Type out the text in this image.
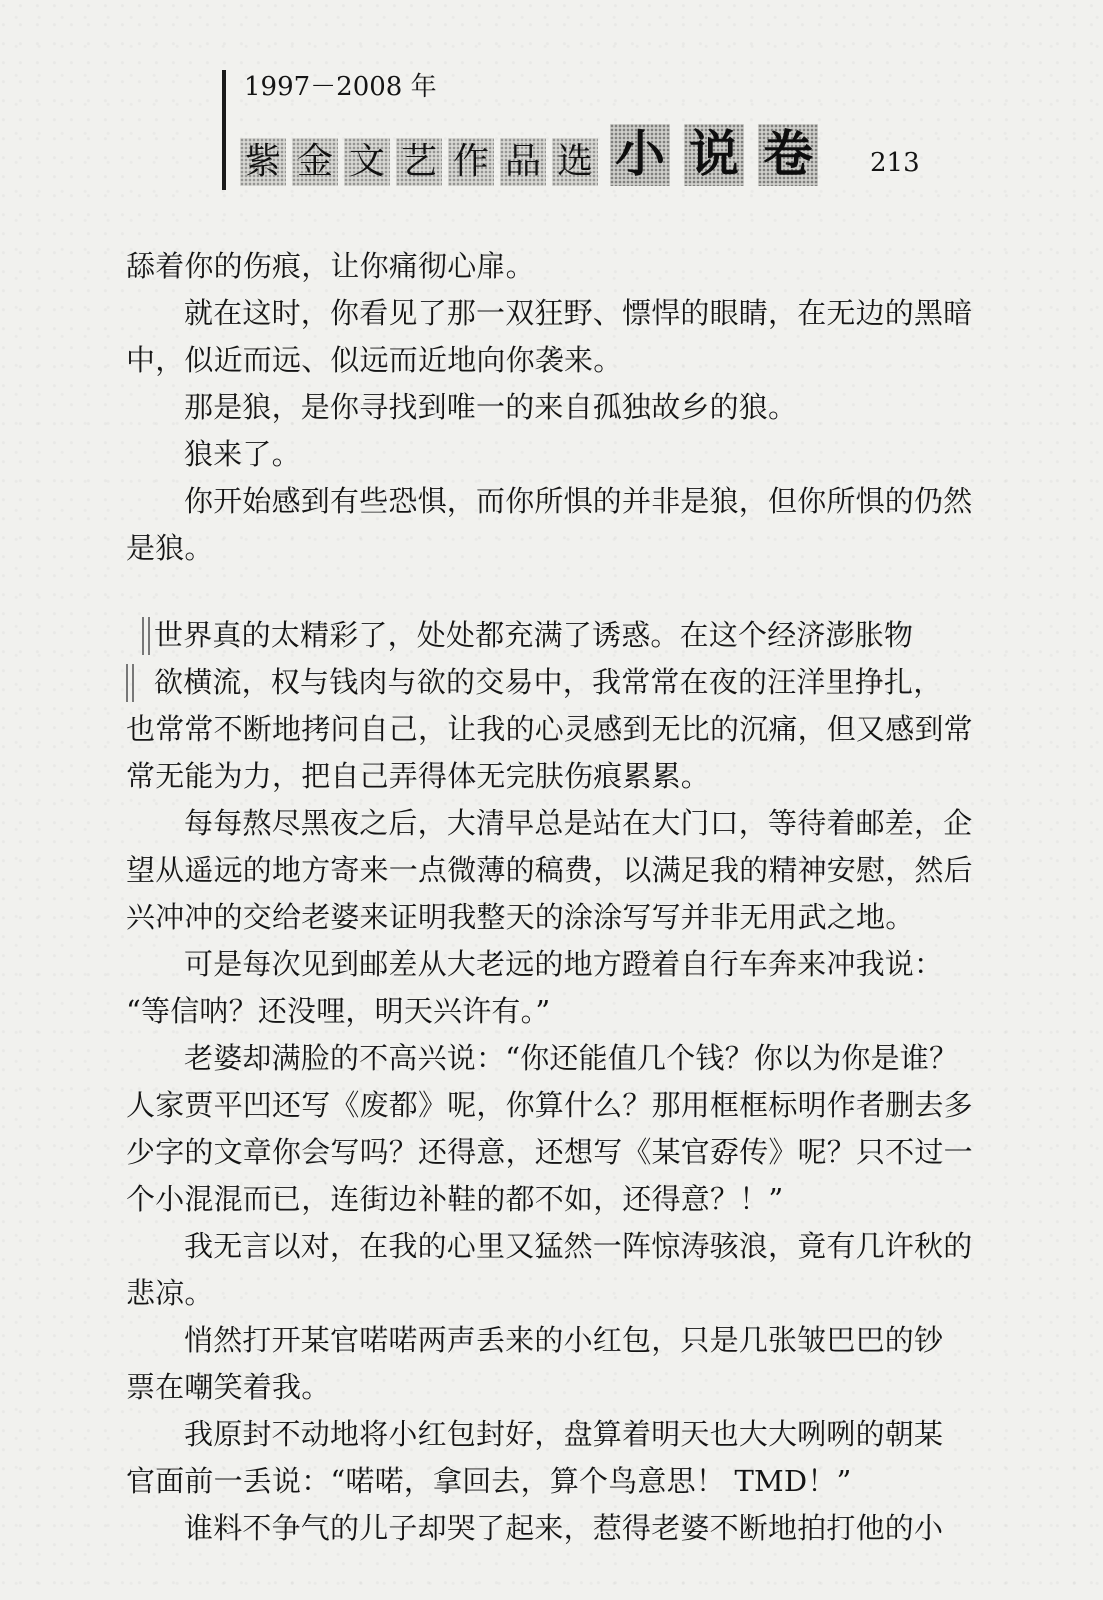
1997－2008 年
紫 金 文 艺 作 品 选 小 说 卷 213
舔着你的伤痕，让你痛彻心扉。
就在这时，你看见了那一双狂野、慓悍的眼睛，在无边的黑暗
中，似近而远、似远而近地向你袭来。
那是狼，是你寻找到唯一的来自孤独故乡的狼。
狼来了。
你开始感到有些恐惧，而你所惧的并非是狼，但你所惧的仍然
是狼。
世界真的太精彩了，处处都充满了诱惑。在这个经济澎胀物
欲横流，权与钱肉与欲的交易中，我常常在夜的汪洋里挣扎，
也常常不断地拷问自己，让我的心灵感到无比的沉痛，但又感到常
常无能为力，把自己弄得体无完肤伤痕累累。
每每熬尽黑夜之后，大清早总是站在大门口，等待着邮差，企
望从遥远的地方寄来一点微薄的稿费，以满足我的精神安慰，然后
兴冲冲的交给老婆来证明我整天的涂涂写写并非无用武之地。
可是每次见到邮差从大老远的地方蹬着自行车奔来冲我说：
“等信呐？还没哩，明天兴许有。”
老婆却满脸的不高兴说：“你还能值几个钱？你以为你是谁？
人家贾平凹还写《废都》呢，你算什么？那用框框标明作者删去多
少字的文章你会写吗？还得意，还想写《某官孬传》呢？只不过一
个小混混而已，连街边补鞋的都不如，还得意？！”
我无言以对，在我的心里又猛然一阵惊涛骇浪，竟有几许秋的
悲凉。
悄然打开某官喏喏两声丢来的小红包，只是几张皱巴巴的钞
票在嘲笑着我。
我原封不动地将小红包封好，盘算着明天也大大咧咧的朝某
官面前一丢说：“喏喏，拿回去，算个鸟意思！ TMD！”
谁料不争气的儿子却哭了起来，惹得老婆不断地拍打他的小
